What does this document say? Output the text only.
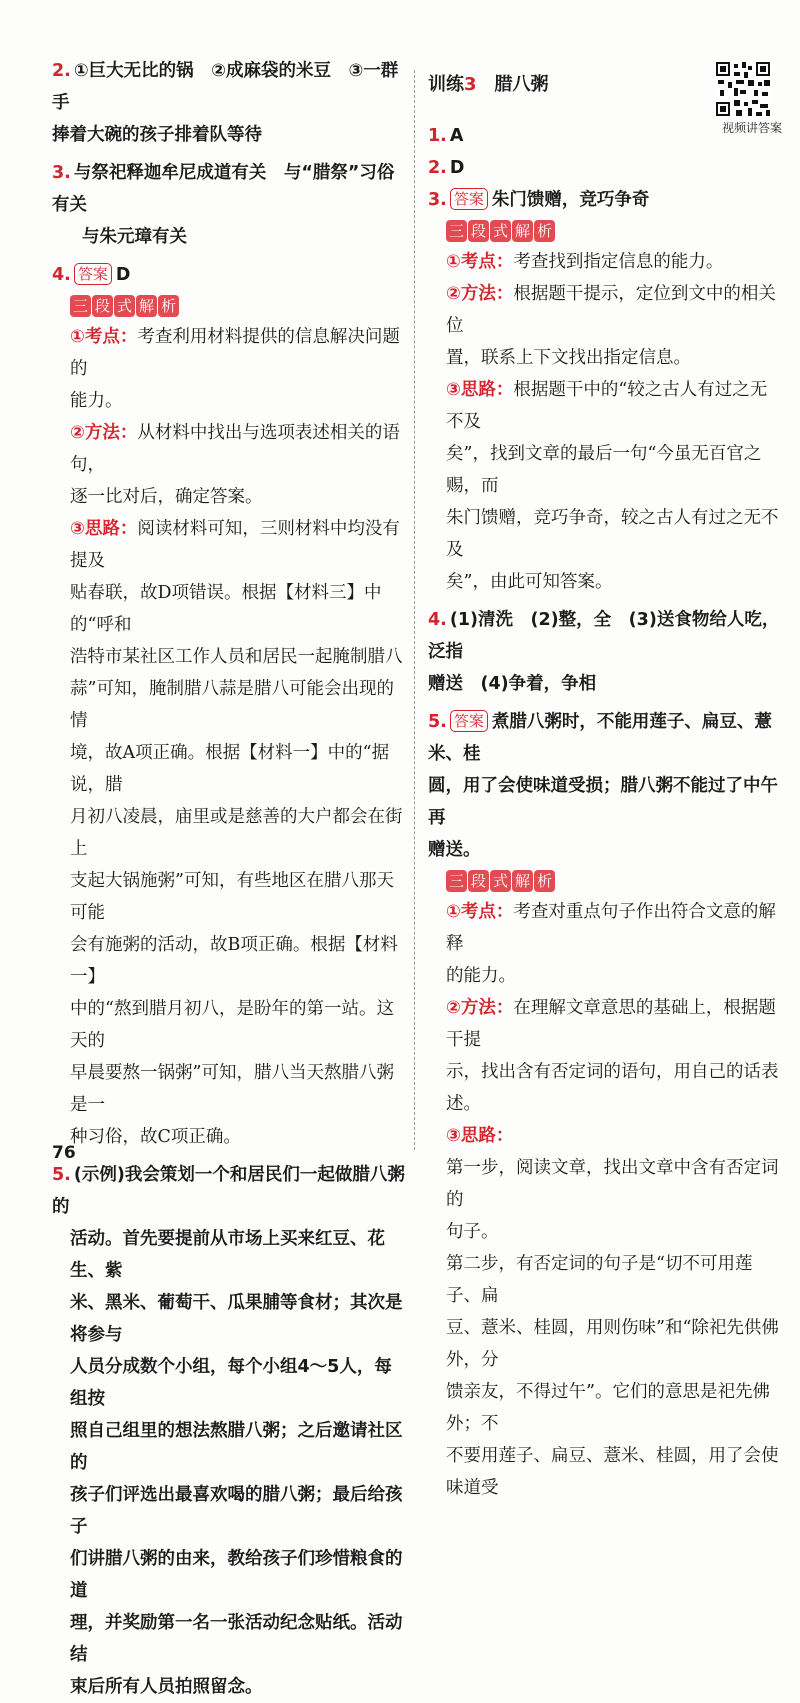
2. ①巨大无比的锅　②成麻袋的米豆　③一群手

捧着大碗的孩子排着队等待

3. 与祭祀释迦牟尼成道有关　与“腊祭”习俗有关

与朱元璋有关

4. 答案 D

三 段 式 解 析

①考点：考查利用材料提供的信息解决问题的

能力。

②方法：从材料中找出与选项表述相关的语句，

逐一比对后，确定答案。

③思路：阅读材料可知，三则材料中均没有提及

贴春联，故D项错误。根据【材料三】中的“呼和

浩特市某社区工作人员和居民一起腌制腊八

蒜”可知，腌制腊八蒜是腊八可能会出现的情

境，故A项正确。根据【材料一】中的“据说，腊

月初八凌晨，庙里或是慈善的大户都会在街上

支起大锅施粥”可知，有些地区在腊八那天可能

会有施粥的活动，故B项正确。根据【材料一】

中的“熬到腊月初八，是盼年的第一站。这天的

早晨要熬一锅粥”可知，腊八当天熬腊八粥是一

种习俗，故C项正确。

5. (示例)我会策划一个和居民们一起做腊八粥的

活动。首先要提前从市场上买来红豆、花生、紫

米、黑米、葡萄干、瓜果脯等食材；其次是将参与

人员分成数个小组，每个小组4～5人，每组按

照自己组里的想法熬腊八粥；之后邀请社区的

孩子们评选出最喜欢喝的腊八粥；最后给孩子

们讲腊八粥的由来，教给孩子们珍惜粮食的道

理，并奖励第一名一张活动纪念贴纸。活动结

束后所有人员拍照留念。

训练3　 腊八粥

1. A

2. D

3. 答案 朱门馈赠，竞巧争奇

三 段 式 解 析

①考点：考查找到指定信息的能力。

②方法：根据题干提示，定位到文中的相关位

置，联系上下文找出指定信息。

③思路：根据题干中的“较之古人有过之无不及

矣”，找到文章的最后一句“今虽无百官之赐，而

朱门馈赠，竞巧争奇，较之古人有过之无不及

矣”，由此可知答案。

4. (1)清洗　(2)整，全　(3)送食物给人吃，泛指

赠送　(4)争着，争相

5. 答案 煮腊八粥时，不能用莲子、扁豆、薏米、桂

圆，用了会使味道受损；腊八粥不能过了中午再

赠送。

三 段 式 解 析

①考点：考查对重点句子作出符合文意的解释

的能力。

②方法：在理解文章意思的基础上，根据题干提

示，找出含有否定词的语句，用自己的话表述。

③思路：

第一步，阅读文章，找出文章中含有否定词的

句子。

第二步，有否定词的句子是“切不可用莲子、扁

豆、薏米、桂圆，用则伤味”和“除祀先供佛外，分

馈亲友，不得过午”。它们的意思是祀先佛外；不

不要用莲子、扁豆、薏米、桂圆，用了会使味道受

视频讲答案
76
